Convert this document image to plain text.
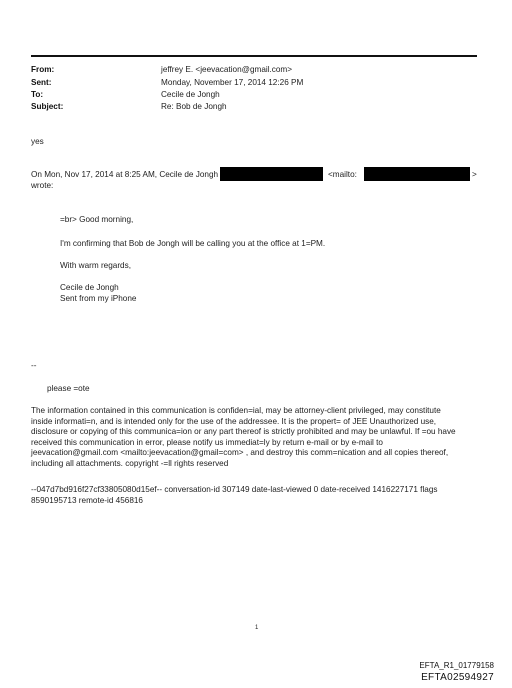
From:	jeffrey E. <jeevacation@gmail.com>
Sent:	Monday, November 17, 2014 12:26 PM
To:	Cecile de Jongh
Subject:	Re: Bob de Jongh
yes
On Mon, Nov 17, 2014 at 8:25 AM, Cecile de Jongh	<mailto:	>
wrote:
=br> Good morning,
I'm confirming that Bob de Jongh will be calling you at the office at 1=PM.
With warm regards,
Cecile de Jongh
Sent from my iPhone
--
please =ote
The information contained in this communication is confiden=ial, may be attorney-client privileged, may constitute
inside informati=n, and is intended only for the use of the addressee. It is the propert= of JEE Unauthorized use,
disclosure or copying of this communica=ion or any part thereof is strictly prohibited and may be unlawful. If =ou have
received this communication in error, please notify us immediat=ly by return e-mail or by e-mail to
jeevacation@gmail.com <mailto:jeevacation@gmail=com> , and destroy this comm=nication and all copies thereof,
including all attachments. copyright -=ll rights reserved
--047d7bd916f27cf33805080d15ef-- conversation-id 307149 date-last-viewed 0 date-received 1416227171 flags
8590195713 remote-id 456816
1
EFTA_R1_01779158
EFTA02594927
